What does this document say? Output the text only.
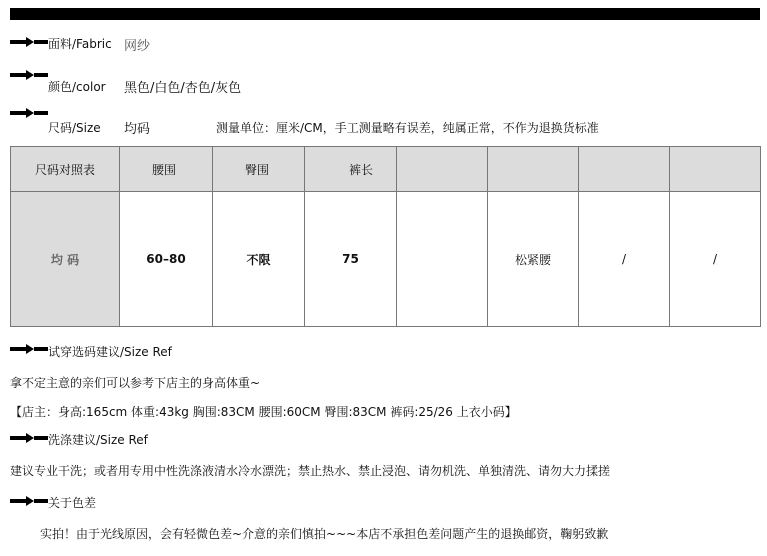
面料/Fabric 网纱
颜色/color 黑色/白色/杏色/灰色
尺码/Size 均码	测量单位：厘米/CM，手工测量略有误差，纯属正常，不作为退换货标准
尺码对照表	腰围	臀围	裤长				
均 码	60–80	不限	75		松紧腰	/	/
试穿选码建议/Size Ref
拿不定主意的亲们可以参考下店主的身高体重~
【店主：身高:165cm 体重:43kg 胸围:83CM 腰围:60CM 臀围:83CM 裤码:25/26 上衣小码】
洗涤建议/Size Ref
建议专业干洗；或者用专用中性洗涤液清水冷水漂洗；禁止热水、禁止浸泡、请勿机洗、单独清洗、请勿大力揉搓
关于色差
实拍！由于光线原因，会有轻微色差~介意的亲们慎拍~~~本店不承担色差问题产生的退换邮资，鞠躬致歉
